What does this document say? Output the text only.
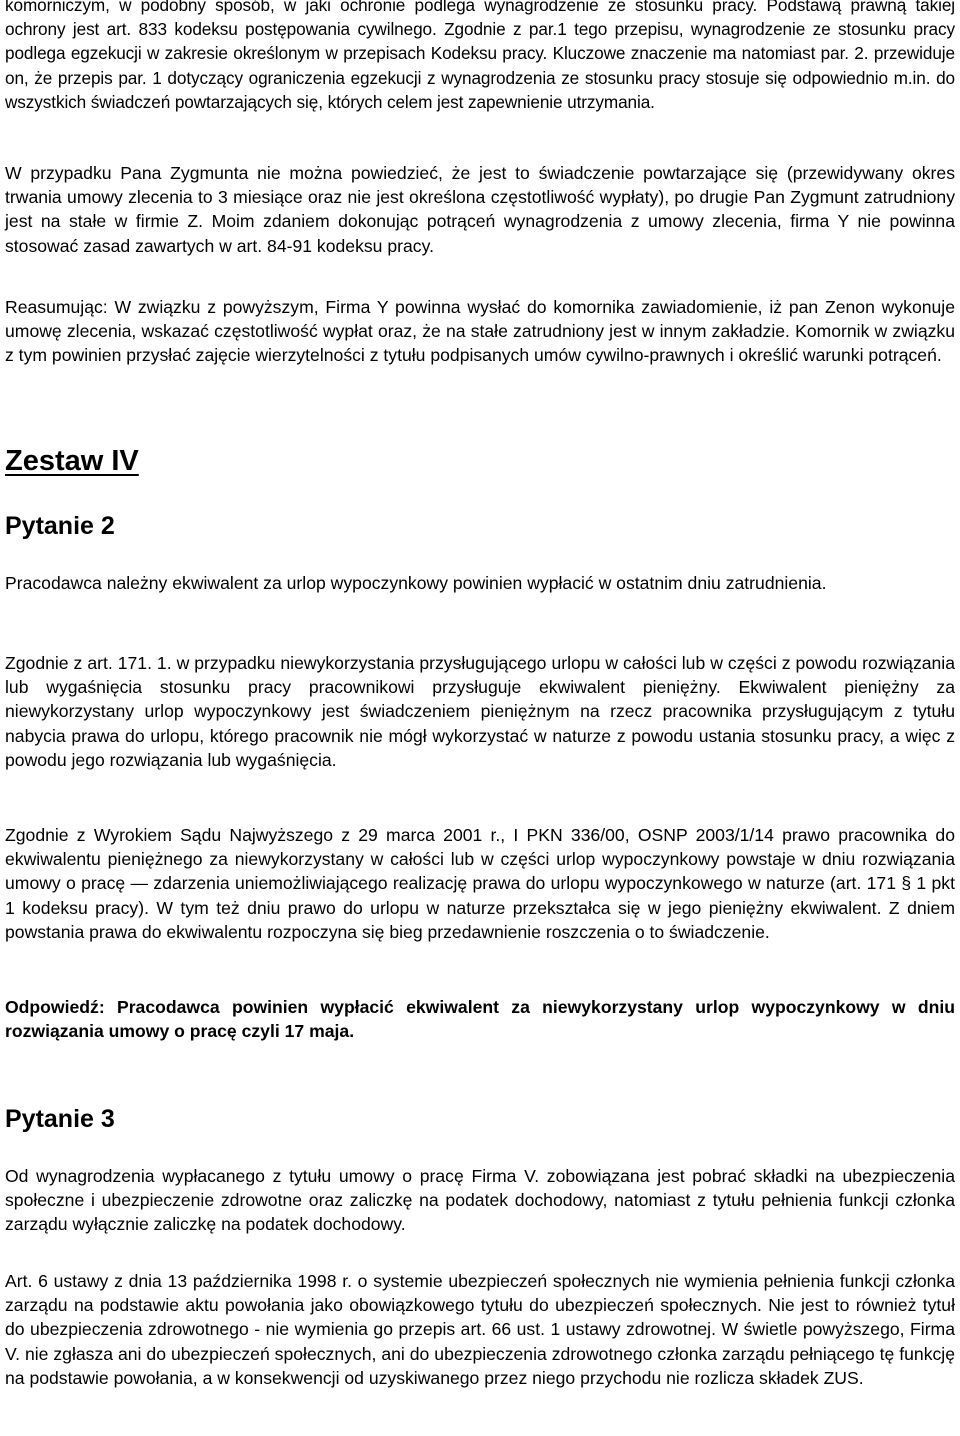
komorniczym, w podobny sposób, w jaki ochronie podlega wynagrodzenie ze stosunku pracy. Podstawą prawną takiej ochrony jest art. 833 kodeksu postępowania cywilnego. Zgodnie z par.1 tego przepisu, wynagrodzenie ze stosunku pracy podlega egzekucji w zakresie określonym w przepisach Kodeksu pracy. Kluczowe znaczenie ma natomiast par. 2. przewiduje on, że przepis par. 1 dotyczący ograniczenia egzekucji z wynagrodzenia ze stosunku pracy stosuje się odpowiednio m.in. do wszystkich świadczeń powtarzających się, których celem jest zapewnienie utrzymania.

W przypadku Pana Zygmunta nie można powiedzieć, że jest to świadczenie powtarzające się (przewidywany okres trwania umowy zlecenia to 3 miesiące oraz nie jest określona częstotliwość wypłaty), po drugie Pan Zygmunt zatrudniony jest na stałe w firmie Z. Moim zdaniem dokonując potrąceń wynagrodzenia z umowy zlecenia, firma Y nie powinna stosować zasad zawartych w art. 84-91 kodeksu pracy.

Reasumując: W związku z powyższym, Firma Y powinna wysłać do komornika zawiadomienie, iż pan Zenon wykonuje umowę zlecenia, wskazać częstotliwość wypłat oraz, że na stałe zatrudniony jest w innym zakładzie. Komornik w związku z tym powinien przysłać zajęcie wierzytelności z tytułu podpisanych umów cywilno-prawnych i określić warunki potrąceń.

Zestaw IV
Pytanie 2

Pracodawca należny ekwiwalent za urlop wypoczynkowy powinien wypłacić w ostatnim dniu zatrudnienia.

Zgodnie z art. 171. 1. w przypadku niewykorzystania przysługującego urlopu w całości lub w części z powodu rozwiązania lub wygaśnięcia stosunku pracy pracownikowi przysługuje ekwiwalent pieniężny. Ekwiwalent pieniężny za niewykorzystany urlop wypoczynkowy jest świadczeniem pieniężnym na rzecz pracownika przysługującym z tytułu nabycia prawa do urlopu, którego pracownik nie mógł wykorzystać w naturze z powodu ustania stosunku pracy, a więc z powodu jego rozwiązania lub wygaśnięcia.

Zgodnie z Wyrokiem Sądu Najwyższego z 29 marca 2001 r., I PKN 336/00, OSNP 2003/1/14 prawo pracownika do ekwiwalentu pieniężnego za niewykorzystany w całości lub w części urlop wypoczynkowy powstaje w dniu rozwiązania umowy o pracę — zdarzenia uniemożliwiającego realizację prawa do urlopu wypoczynkowego w naturze (art. 171 § 1 pkt 1 kodeksu pracy). W tym też dniu prawo do urlopu w naturze przekształca się w jego pieniężny ekwiwalent. Z dniem powstania prawa do ekwiwalentu rozpoczyna się bieg przedawnienie roszczenia o to świadczenie.

Odpowiedź: Pracodawca powinien wypłacić ekwiwalent za niewykorzystany urlop wypoczynkowy w dniu rozwiązania umowy o pracę czyli 17 maja.

Pytanie 3

Od wynagrodzenia wypłacanego z tytułu umowy o pracę Firma V. zobowiązana jest pobrać składki na ubezpieczenia społeczne i ubezpieczenie zdrowotne oraz zaliczkę na podatek dochodowy, natomiast z tytułu pełnienia funkcji członka zarządu wyłącznie zaliczkę na podatek dochodowy.

Art. 6 ustawy z dnia 13 października 1998 r. o systemie ubezpieczeń społecznych nie wymienia pełnienia funkcji członka zarządu na podstawie aktu powołania jako obowiązkowego tytułu do ubezpieczeń społecznych. Nie jest to również tytuł do ubezpieczenia zdrowotnego - nie wymienia go przepis art. 66 ust. 1 ustawy zdrowotnej. W świetle powyższego, Firma V. nie zgłasza ani do ubezpieczeń społecznych, ani do ubezpieczenia zdrowotnego członka zarządu pełniącego tę funkcję na podstawie powołania, a w konsekwencji od uzyskiwanego przez niego przychodu nie rozlicza składek ZUS.
